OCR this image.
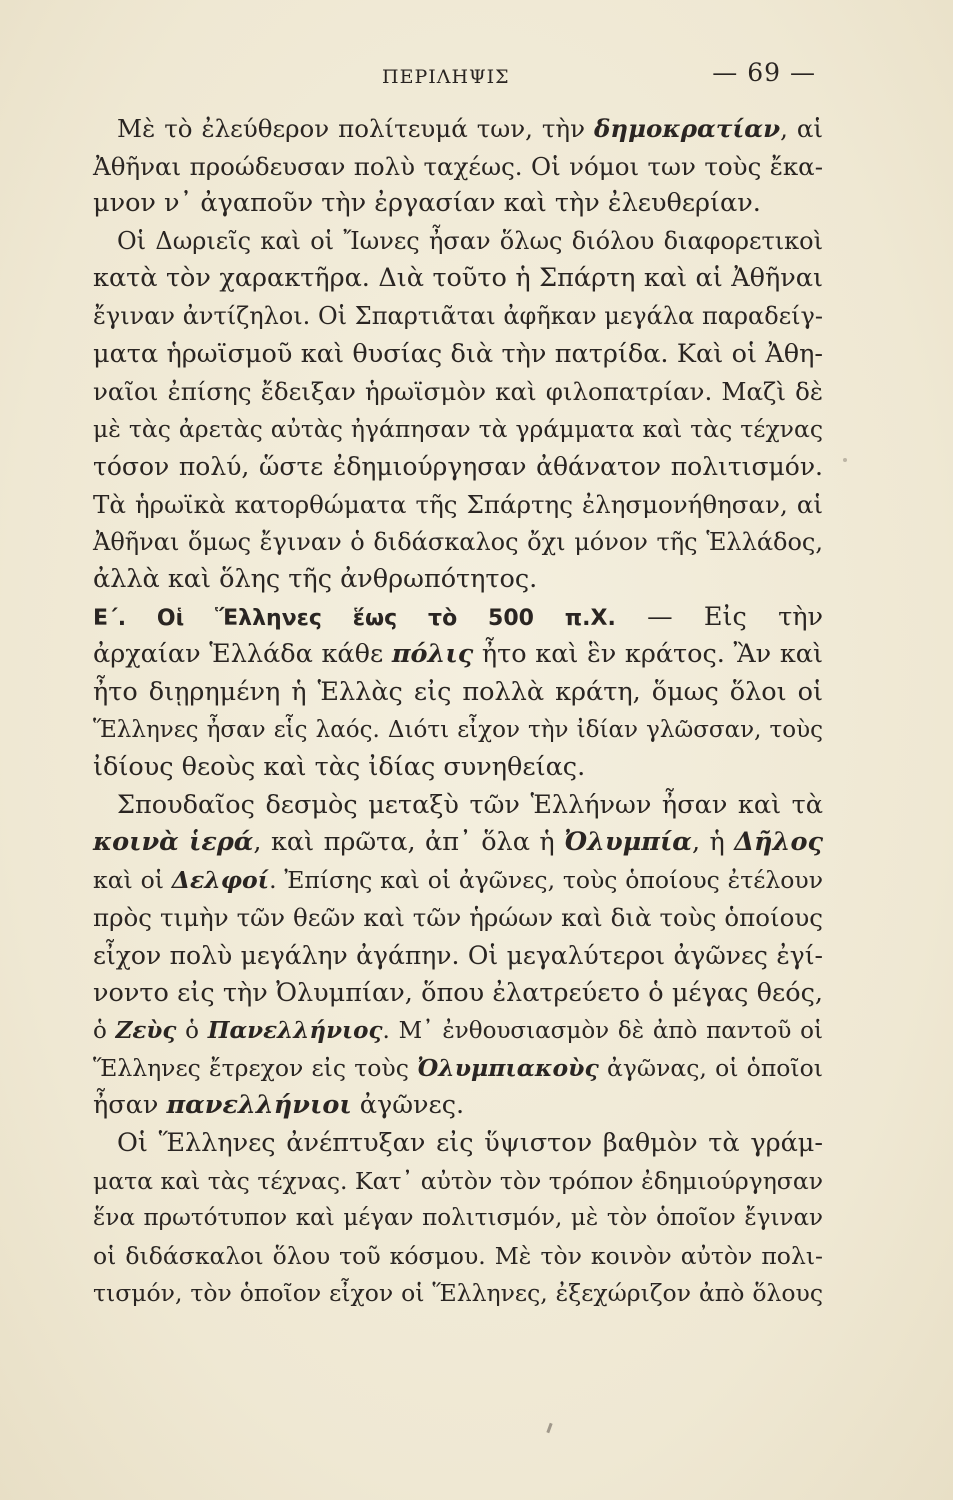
ΠΕΡΙΛΗΨΙΣ	— 69 —
Μὲ τὸ ἐλεύθερον πολίτευμά των, τὴν δημοκρατίαν, αἱ
Ἀθῆναι προώδευσαν πολὺ ταχέως. Οἱ νόμοι των τοὺς ἔκα-
μνον ν᾽ ἀγαποῦν τὴν ἐργασίαν καὶ τὴν ἐλευθερίαν.
Οἱ Δωριεῖς καὶ οἱ Ἴωνες ἦσαν ὅλως διόλου διαφορετικοὶ
κατὰ τὸν χαρακτῆρα. Διὰ τοῦτο ἡ Σπάρτη καὶ αἱ Ἀθῆναι
ἔγιναν ἀντίζηλοι. Οἱ Σπαρτιᾶται ἀφῆκαν μεγάλα παραδείγ-
ματα ἡρωϊσμοῦ καὶ θυσίας διὰ τὴν πατρίδα. Καὶ οἱ Ἀθη-
ναῖοι ἐπίσης ἔδειξαν ἡρωϊσμὸν καὶ φιλοπατρίαν. Μαζὶ δὲ
μὲ τὰς ἀρετὰς αὐτὰς ἠγάπησαν τὰ γράμματα καὶ τὰς τέχνας
τόσον πολύ, ὥστε ἐδημιούργησαν ἀθάνατον πολιτισμόν.
Τὰ ἡρωϊκὰ κατορθώματα τῆς Σπάρτης ἐλησμονήθησαν, αἱ
Ἀθῆναι ὅμως ἔγιναν ὁ διδάσκαλος ὄχι μόνον τῆς Ἑλλάδος,
ἀλλὰ καὶ ὅλης τῆς ἀνθρωπότητος.
Ε΄. Οἱ Ἕλληνες ἕως τὸ 500 π.Χ. — Εἰς τὴν
ἀρχαίαν Ἑλλάδα κάθε πόλις ἦτο καὶ ἓν κράτος. Ἂν καὶ
ἦτο διῃρημένη ἡ Ἑλλὰς εἰς πολλὰ κράτη, ὅμως ὅλοι οἱ
Ἕλληνες ἦσαν εἷς λαός. Διότι εἶχον τὴν ἰδίαν γλῶσσαν, τοὺς
ἰδίους θεοὺς καὶ τὰς ἰδίας συνηθείας.
Σπουδαῖος δεσμὸς μεταξὺ τῶν Ἑλλήνων ἦσαν καὶ τὰ
κοινὰ ἱερά, καὶ πρῶτα, ἀπ᾽ ὅλα ἡ Ὀλυμπία, ἡ Δῆλος
καὶ οἱ Δελφοί. Ἐπίσης καὶ οἱ ἀγῶνες, τοὺς ὁποίους ἐτέλουν
πρὸς τιμὴν τῶν θεῶν καὶ τῶν ἡρώων καὶ διὰ τοὺς ὁποίους
εἶχον πολὺ μεγάλην ἀγάπην. Οἱ μεγαλύτεροι ἀγῶνες ἐγί-
νοντο εἰς τὴν Ὀλυμπίαν, ὅπου ἐλατρεύετο ὁ μέγας θεός,
ὁ Ζεὺς ὁ Πανελλήνιος. Μ᾽ ἐνθουσιασμὸν δὲ ἀπὸ παντοῦ οἱ
Ἕλληνες ἔτρεχον εἰς τοὺς Ὀλυμπιακοὺς ἀγῶνας, οἱ ὁποῖοι
ἦσαν πανελλήνιοι ἀγῶνες.
Οἱ Ἕλληνες ἀνέπτυξαν εἰς ὕψιστον βαθμὸν τὰ γράμ-
ματα καὶ τὰς τέχνας. Κατ᾽ αὐτὸν τὸν τρόπον ἐδημιούργησαν
ἕνα πρωτότυπον καὶ μέγαν πολιτισμόν, μὲ τὸν ὁποῖον ἔγιναν
οἱ διδάσκαλοι ὅλου τοῦ κόσμου. Μὲ τὸν κοινὸν αὐτὸν πολι-
τισμόν, τὸν ὁποῖον εἶχον οἱ Ἕλληνες, ἐξεχώριζον ἀπὸ ὅλους
